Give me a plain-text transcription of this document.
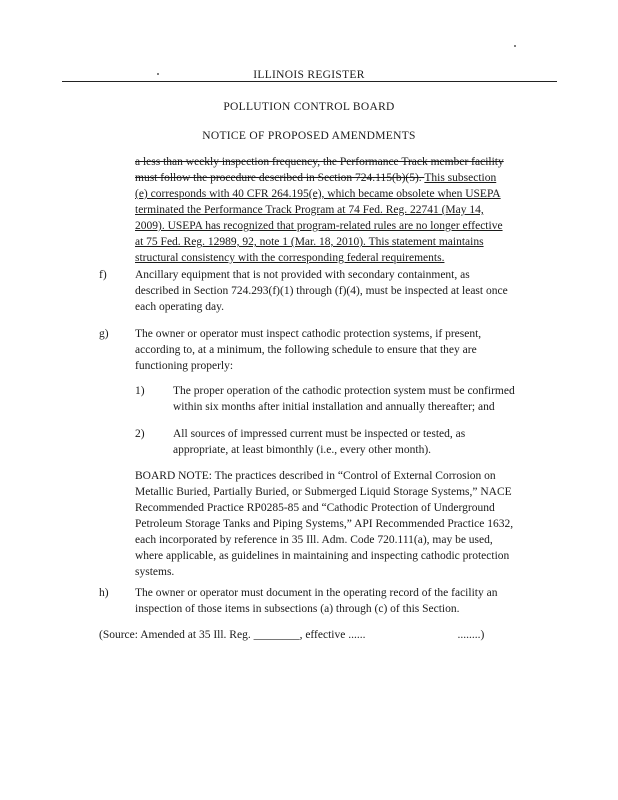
ILLINOIS REGISTER
POLLUTION CONTROL BOARD
NOTICE OF PROPOSED AMENDMENTS
a less than weekly inspection frequency, the Performance Track member facility
must follow the procedure described in Section 724.115(b)(5). This subsection
(e) corresponds with 40 CFR 264.195(e), which became obsolete when USEPA
terminated the Performance Track Program at 74 Fed. Reg. 22741 (May 14,
2009). USEPA has recognized that program-related rules are no longer effective
at 75 Fed. Reg. 12989, 92, note 1 (Mar. 18, 2010). This statement maintains
structural consistency with the corresponding federal requirements.
f) Ancillary equipment that is not provided with secondary containment, as
described in Section 724.293(f)(1) through (f)(4), must be inspected at least once
each operating day.
g) The owner or operator must inspect cathodic protection systems, if present,
according to, at a minimum, the following schedule to ensure that they are
functioning properly:
1) The proper operation of the cathodic protection system must be confirmed
within six months after initial installation and annually thereafter; and
2) All sources of impressed current must be inspected or tested, as
appropriate, at least bimonthly (i.e., every other month).
BOARD NOTE: The practices described in “Control of External Corrosion on
Metallic Buried, Partially Buried, or Submerged Liquid Storage Systems,” NACE
Recommended Practice RP0285-85 and “Cathodic Protection of Underground
Petroleum Storage Tanks and Piping Systems,” API Recommended Practice 1632,
each incorporated by reference in 35 Ill. Adm. Code 720.111(a), may be used,
where applicable, as guidelines in maintaining and inspecting cathodic protection
systems.
h) The owner or operator must document in the operating record of the facility an
inspection of those items in subsections (a) through (c) of this Section.
(Source: Amended at 35 Ill. Reg. ________, effective ......	........)
